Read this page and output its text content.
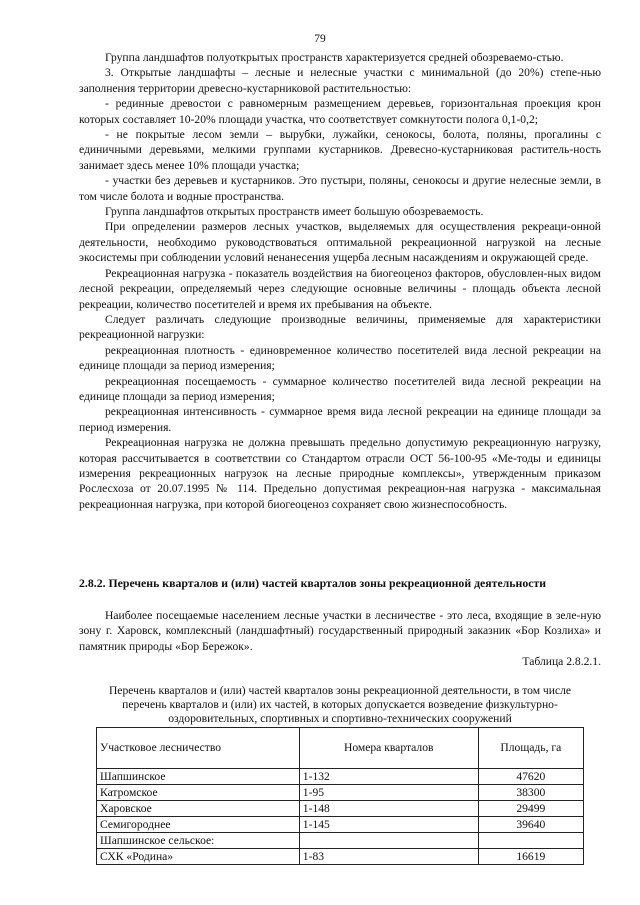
79

Группа ландшафтов полуоткрытых пространств характеризуется средней обозреваемо-стью.

3. Открытые ландшафты – лесные и нелесные участки с минимальной (до 20%) степе-нью заполнения территории древесно-кустарниковой растительностью:

- рединные древостои с равномерным размещением деревьев, горизонтальная проекция крон которых составляет 10-20% площади участка, что соответствует сомкнутости полога 0,1-0,2;

- не покрытые лесом земли – вырубки, лужайки, сенокосы, болота, поляны, прогалины с единичными деревьями, мелкими группами кустарников. Древесно-кустарниковая раститель-ность занимает здесь менее 10% площади участка;

- участки без деревьев и кустарников. Это пустыри, поляны, сенокосы и другие нелесные земли, в том числе болота и водные пространства.

Группа ландшафтов открытых пространств имеет большую обозреваемость.

При определении размеров лесных участков, выделяемых для осуществления рекреаци-онной деятельности, необходимо руководствоваться оптимальной рекреационной нагрузкой на лесные экосистемы при соблюдении условий ненанесения ущерба лесным насаждениям и окружающей среде.

Рекреационная нагрузка - показатель воздействия на биогеоценоз факторов, обусловлен-ных видом лесной рекреации, определяемый через следующие основные величины - площадь объекта лесной рекреации, количество посетителей и время их пребывания на объекте.

Следует различать следующие производные величины, применяемые для характеристики рекреационной нагрузки:

рекреационная плотность - единовременное количество посетителей вида лесной рекреации на единице площади за период измерения;

рекреационная посещаемость - суммарное количество посетителей вида лесной рекреации на единице площади за период измерения;

рекреационная интенсивность - суммарное время вида лесной рекреации на единице площади за период измерения.

Рекреационная нагрузка не должна превышать предельно допустимую рекреационную нагрузку, которая рассчитывается в соответствии со Стандартом отрасли ОСТ 56-100-95 «Ме-тоды и единицы измерения рекреационных нагрузок на лесные природные комплексы», утвержденным приказом Рослесхоза от 20.07.1995 № 114. Предельно допустимая рекреацион-ная нагрузка - максимальная рекреационная нагрузка, при которой биогеоценоз сохраняет свою жизнеспособность.

2.8.2. Перечень кварталов и (или) частей кварталов зоны рекреационной деятельности

Наиболее посещаемые населением лесные участки в лесничестве - это леса, входящие в зеле-ную зону г. Харовск, комплексный (ландшафтный) государственный природный заказник «Бор Козлиха» и памятник природы «Бор Бережок».

Таблица 2.8.2.1.
Перечень кварталов и (или) частей кварталов зоны рекреационной деятельности, в том числе
перечень кварталов и (или) их частей, в которых допускается возведение физкультурно-
оздоровительных, спортивных и спортивно-технических сооружений
Участковое лесничество	Номера кварталов	Площадь, га
Шапшинское	1-132	47620
Катромское	1-95	38300
Харовское	1-148	29499
Семигороднее	1-145	39640
Шапшинское сельское:		
СХК «Родина»	1-83	16619
